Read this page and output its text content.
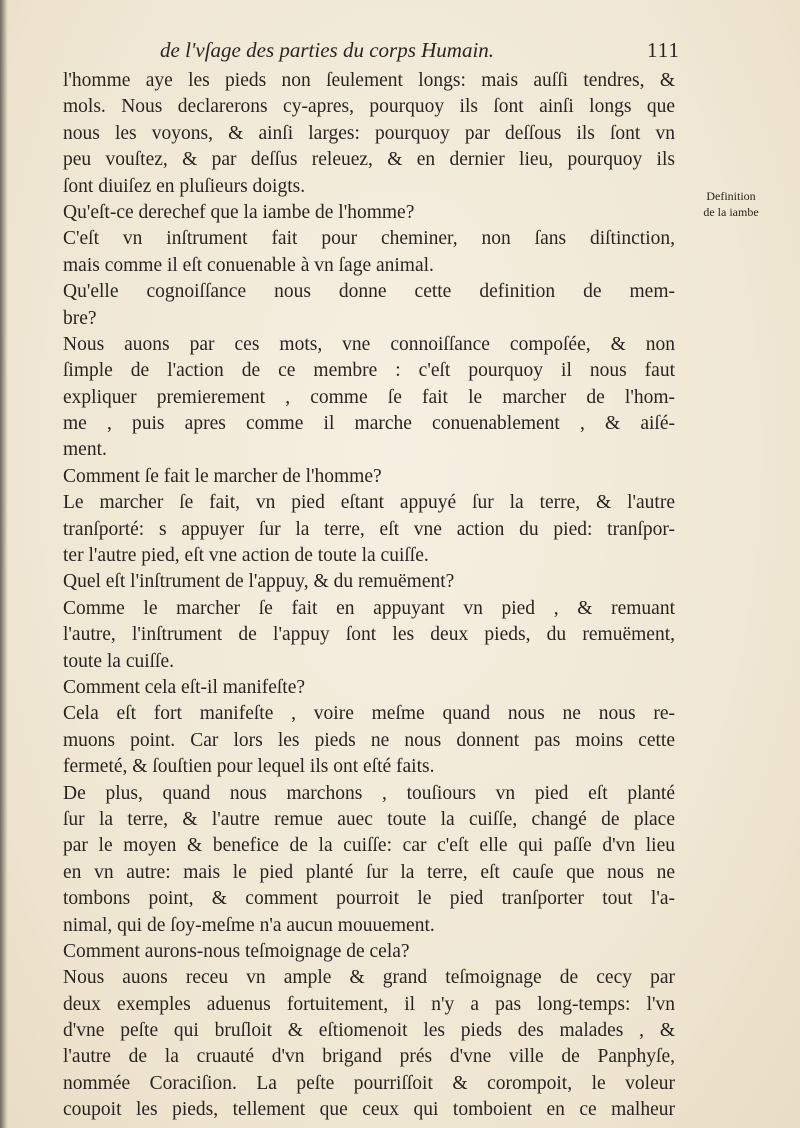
de l'vſage des parties du corps Humain.	111
Definition
de la iambe
l'homme aye les pieds non ſeulement longs: mais auſſi tendres, &
mols. Nous declarerons cy-apres, pourquoy ils ſont ainſi longs que
nous les voyons, & ainſi larges: pourquoy par deſſous ils ſont vn
peu vouſtez, & par deſſus releuez, & en dernier lieu, pourquoy ils
ſont diuiſez en pluſieurs doigts.
Qu'eſt-ce derechef que la iambe de l'homme?
C'eſt vn inſtrument fait pour cheminer, non ſans diſtinction,
mais comme il eſt conuenable à vn ſage animal.
Qu'elle cognoiſſance nous donne cette definition de mem-
bre?
Nous auons par ces mots, vne connoiſſance compoſée, & non
ſimple de l'action de ce membre : c'eſt pourquoy il nous faut
expliquer premierement , comme ſe fait le marcher de l'hom-
me , puis apres comme il marche conuenablement , & aiſé-
ment.
Comment ſe fait le marcher de l'homme?
Le marcher ſe fait, vn pied eſtant appuyé ſur la terre, & l'autre
tranſporté: s appuyer ſur la terre, eſt vne action du pied: tranſpor-
ter l'autre pied, eſt vne action de toute la cuiſſe.
Quel eſt l'inſtrument de l'appuy, & du remuëment?
Comme le marcher ſe fait en appuyant vn pied , & remuant
l'autre, l'inſtrument de l'appuy ſont les deux pieds, du remuëment,
toute la cuiſſe.
Comment cela eſt-il manifeſte?
Cela eſt fort manifeſte , voire meſme quand nous ne nous re-
muons point. Car lors les pieds ne nous donnent pas moins cette
fermeté, & ſouſtien pour lequel ils ont eſté faits.
De plus, quand nous marchons , touſiours vn pied eſt planté
ſur la terre, & l'autre remue auec toute la cuiſſe, changé de place
par le moyen & benefice de la cuiſſe: car c'eſt elle qui paſſe d'vn lieu
en vn autre: mais le pied planté ſur la terre, eſt cauſe que nous ne
tombons point, & comment pourroit le pied tranſporter tout l'a-
nimal, qui de ſoy-meſme n'a aucun mouuement.
Comment aurons-nous teſmoignage de cela?
Nous auons receu vn ample & grand teſmoignage de cecy par
deux exemples aduenus fortuitement, il n'y a pas long-temps: l'vn
d'vne peſte qui bruſloit & eſtiomenoit les pieds des malades , &
l'autre de la cruauté d'vn brigand prés d'vne ville de Panphyſe,
nommée Coraciſion. La peſte pourriſſoit & corompoit, le voleur
coupoit les pieds, tellement que ceux qui tomboient en ce malheur
